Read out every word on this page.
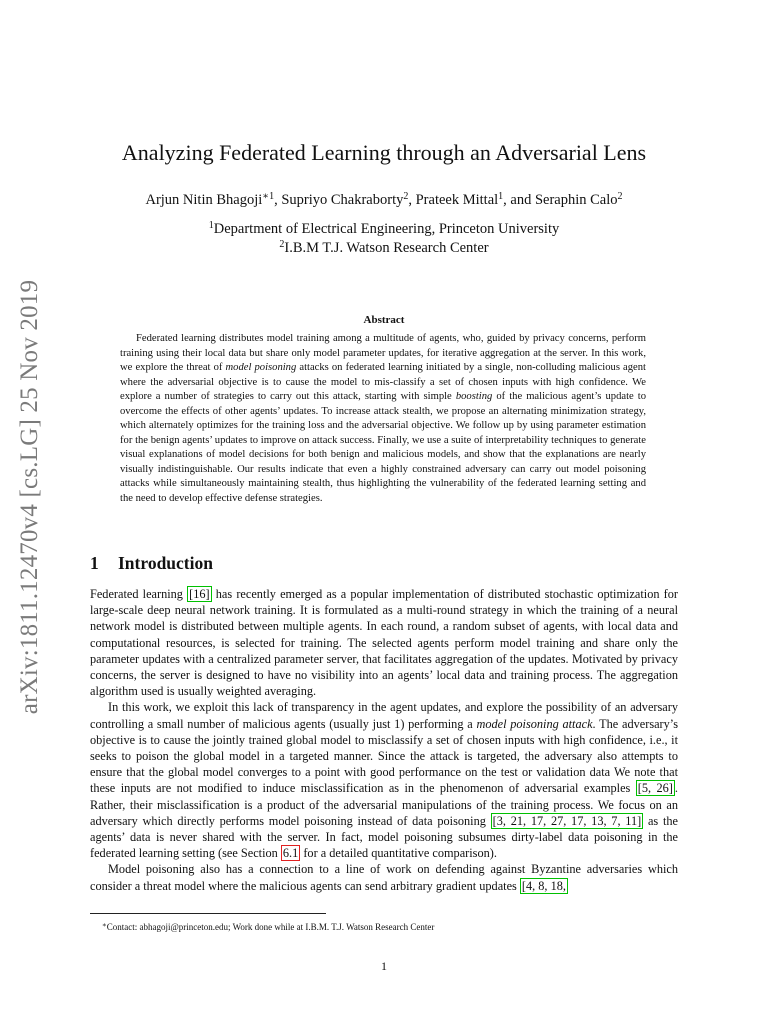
arXiv:1811.12470v4 [cs.LG] 25 Nov 2019
Analyzing Federated Learning through an Adversarial Lens
Arjun Nitin Bhagoji$^{∗1}$, Supriyo Chakraborty$^2$, Prateek Mittal$^1$, and Seraphin Calo$^2$
$^1$Department of Electrical Engineering, Princeton University
$^2$I.B.M T.J. Watson Research Center
Abstract

Federated learning distributes model training among a multitude of agents, who, guided by privacy concerns, perform training using their local data but share only model parameter updates, for iterative aggregation at the server. In this work, we explore the threat of model poisoning attacks on federated learning initiated by a single, non-colluding malicious agent where the adversarial objective is to cause the model to mis-classify a set of chosen inputs with high confidence. We explore a number of strategies to carry out this attack, starting with simple boosting of the malicious agent’s update to overcome the effects of other agents’ updates. To increase attack stealth, we propose an alternating minimization strategy, which alternately optimizes for the training loss and the adversarial objective. We follow up by using parameter estimation for the benign agents’ updates to improve on attack success. Finally, we use a suite of interpretability techniques to generate visual explanations of model decisions for both benign and malicious models, and show that the explanations are nearly visually indistinguishable. Our results indicate that even a highly constrained adversary can carry out model poisoning attacks while simultaneously maintaining stealth, thus highlighting the vulnerability of the federated learning setting and the need to develop effective defense strategies.

1 Introduction

Federated learning [16] has recently emerged as a popular implementation of distributed stochastic optimization for large-scale deep neural network training. It is formulated as a multi-round strategy in which the training of a neural network model is distributed between multiple agents. In each round, a random subset of agents, with local data and computational resources, is selected for training. The selected agents perform model training and share only the parameter updates with a centralized parameter server, that facilitates aggregation of the updates. Motivated by privacy concerns, the server is designed to have no visibility into an agents’ local data and training process. The aggregation algorithm used is usually weighted averaging.

In this work, we exploit this lack of transparency in the agent updates, and explore the possibility of an adversary controlling a small number of malicious agents (usually just 1) performing a model poisoning attack. The adversary’s objective is to cause the jointly trained global model to misclassify a set of chosen inputs with high confidence, i.e., it seeks to poison the global model in a targeted manner. Since the attack is targeted, the adversary also attempts to ensure that the global model converges to a point with good performance on the test or validation data We note that these inputs are not modified to induce misclassification as in the phenomenon of adversarial examples [5, 26] . Rather, their misclassification is a product of the adversarial manipulations of the training process. We focus on an adversary which directly performs model poisoning instead of data poisoning [3, 21, 17, 27, 17, 13, 7, 11] as the agents’ data is never shared with the server. In fact, model poisoning subsumes dirty-label data poisoning in the federated learning setting (see Section 6.1 for a detailed quantitative comparison).

Model poisoning also has a connection to a line of work on defending against Byzantine adversaries which consider a threat model where the malicious agents can send arbitrary gradient updates [4, 8, 18,

∗Contact: abhagoji@princeton.edu; Work done while at I.B.M. T.J. Watson Research Center
1
